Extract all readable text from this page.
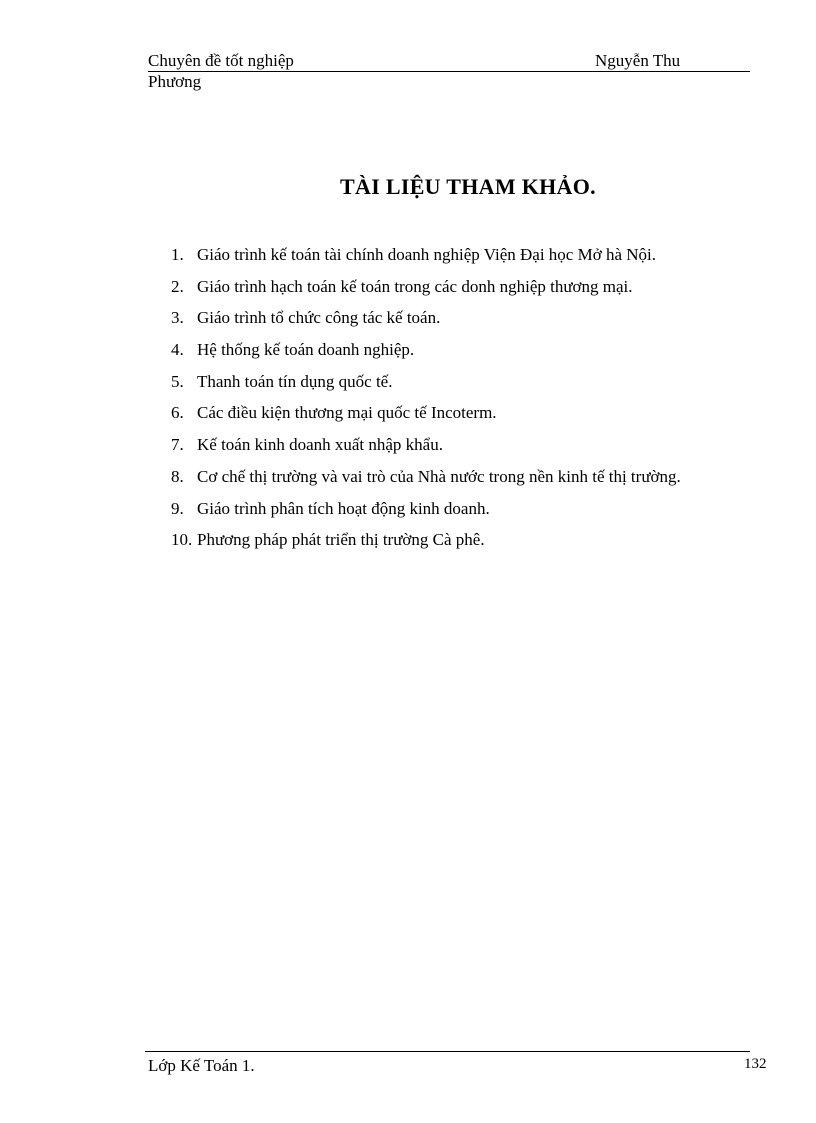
Chuyên đề tốt nghiệp	Nguyễn Thu
Phương
TÀI LIỆU THAM KHẢO.
1. Giáo trình kế toán tài chính doanh nghiệp Viện Đại học Mở hà Nội.
2. Giáo trình hạch toán kế toán trong các donh nghiệp thương mại.
3. Giáo trình tổ chức công tác kế toán.
4. Hệ thống kế toán doanh nghiệp.
5. Thanh toán tín dụng quốc tế.
6. Các điều kiện thương mại quốc tế Incoterm.
7. Kế toán kinh doanh xuất nhập khẩu.
8. Cơ chế thị trường và vai trò của Nhà nước trong nền kinh tế thị trường.
9. Giáo trình phân tích hoạt động kinh doanh.
10. Phương pháp phát triển thị trường Cà phê.
Lớp Kế Toán 1.	132
